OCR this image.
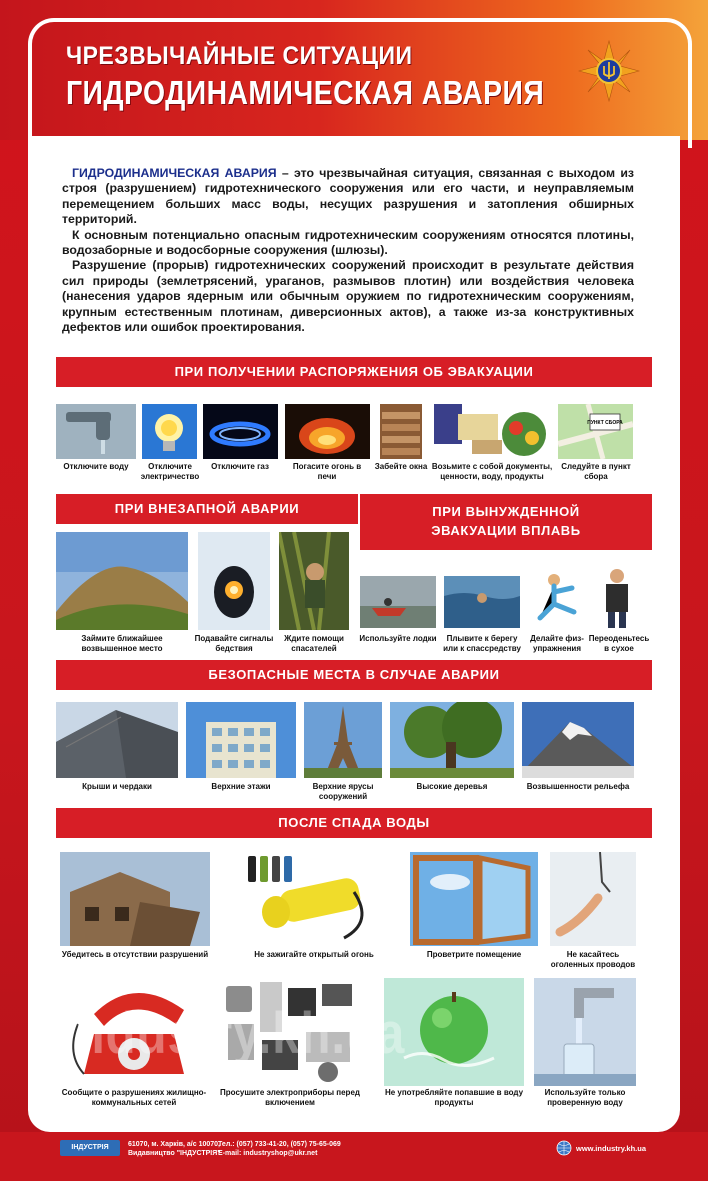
ЧРЕЗВЫЧАЙНЫЕ СИТУАЦИИ
ГИДРОДИНАМИЧЕСКАЯ АВАРИЯ

ГИДРОДИНАМИЧЕСКАЯ АВАРИЯ – это чрезвычайная ситуация, связанная с выходом из строя (разрушением) гидротехнического сооружения или его части, и неуправляемым перемещением больших масс воды, несущих разрушения и затопления обширных территорий.

К основным потенциально опасным гидротехническим сооружениям относятся плотины, водозаборные и водосборные сооружения (шлюзы).

Разрушение (прорыв) гидротехнических сооружений происходит в результате действия сил природы (землетрясений, ураганов, размывов плотин) или воздействия человека (нанесения ударов ядерным или обычным оружием по гидротехническим сооружениям, крупным естественным плотинам, диверсионных актов), а также из-за конструктивных дефектов или ошибок проектирования.

ПРИ ПОЛУЧЕНИИ РАСПОРЯЖЕНИЯ ОБ ЭВАКУАЦИИ
Отключите воду	Отключите электричество
Отключите газ	Погасите огонь в печи
Забейте окна Возьмите с собой документы, ценности, воду, продукты
ПУНКТ СБОРА
Следуйте в пункт сбора
ПРИ ВНЕЗАПНОЙ АВАРИИ	ПРИ ВЫНУЖДЕННОЙ
ЭВАКУАЦИИ ВПЛАВЬ
Займите ближайшее возвышенное место
Подавайте сигналы бедствия
Ждите помощи спасателей
Используйте лодки	Плывите к берегу или к спассредству
Делайте физ-упражнения
Переоденьтесь в сухое
БЕЗОПАСНЫЕ МЕСТА В СЛУЧАЕ АВАРИИ
Крыши и чердаки	Верхние этажи	Верхние ярусы сооружений
Высокие деревья	Возвышенности рельефа
ПОСЛЕ СПАДА ВОДЫ
Убедитесь в отсутствии разрушений	Не зажигайте открытый огонь	Проветрите помещение	Не касайтесь оголенных проводов
Сообщите о разрушениях жилищно-коммунальных сетей
Просушите электроприборы перед включением
Не употребляйте попавшие в воду продукты
Используйте только проверенную воду
industry.kh.ua
ІНДУСТРІЯ	61070, м. Харків, а/с 10070,
Видавництво "ІНДУСТРІЯ"
Тел.: (057) 733-41-20, (057) 75-65-069
E-mail: industryshop@ukr.net
www.industry.kh.ua
